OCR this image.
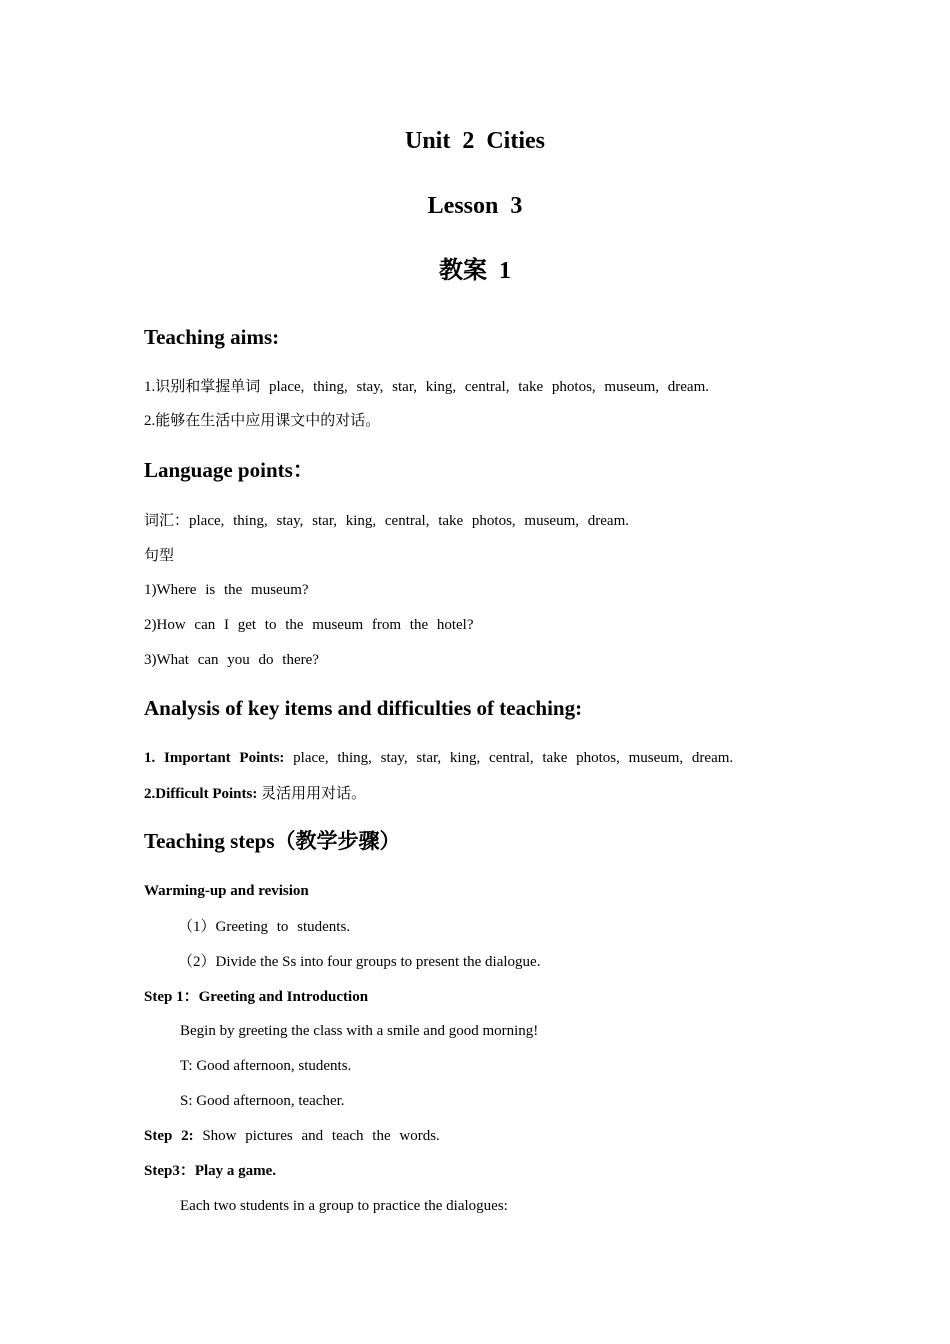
Unit 2 Cities
Lesson 3
教案 1
Teaching aims:

1.识别和掌握单词 place, thing, stay, star, king, central, take photos, museum, dream.

2.能够在生活中应用课文中的对话。

Language points：

词汇：place, thing, stay, star, king, central, take photos, museum, dream.

句型

1)Where is the museum?

2)How can I get to the museum from the hotel?

3)What can you do there?

Analysis of key items and difficulties of teaching:

1. Important Points: place, thing, stay, star, king, central, take photos, museum, dream.

2.Difficult Points: 灵活用用对话。

Teaching steps（教学步骤）

Warming-up and revision

（1）Greeting to students.

（2）Divide the Ss into four groups to present the dialogue.

Step 1：Greeting and Introduction

Begin by greeting the class with a smile and good morning!

T: Good afternoon, students.

S: Good afternoon, teacher.

Step 2: Show pictures and teach the words.

Step3：Play a game.

Each two students in a group to practice the dialogues:
